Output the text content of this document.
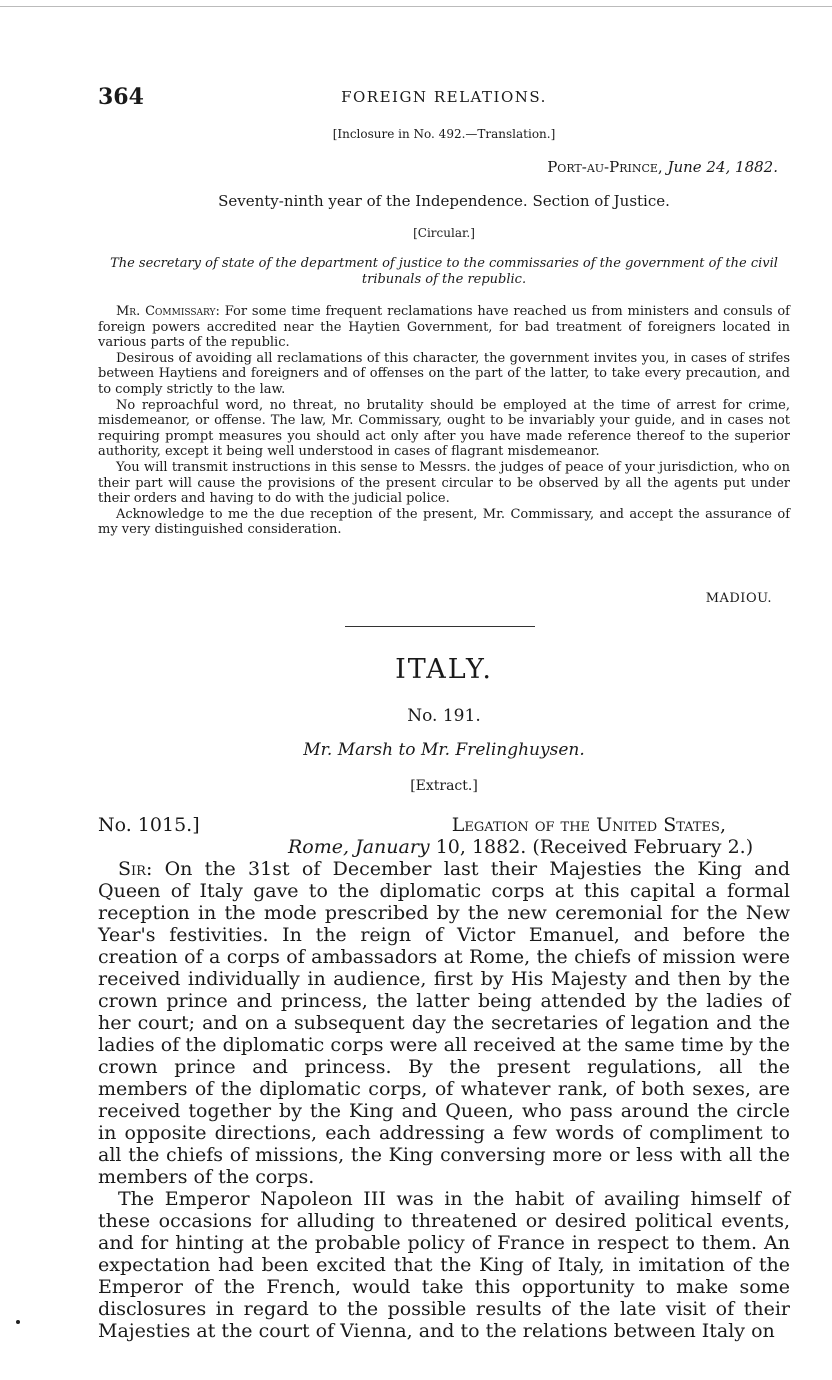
364	FOREIGN RELATIONS.
[Inclosure in No. 492.—Translation.]
Port-au-Prince, June 24, 1882.
Seventy-ninth year of the Independence. Section of Justice.
[Circular.]
The secretary of state of the department of justice to the commissaries of the government of the civil tribunals of the republic.

Mr. Commissary: For some time frequent reclamations have reached us from ministers and consuls of foreign powers accredited near the Haytien Government, for bad treatment of foreigners located in various parts of the republic.

Desirous of avoiding all reclamations of this character, the government invites you, in cases of strifes between Haytiens and foreigners and of offenses on the part of the latter, to take every precaution, and to comply strictly to the law.

No reproachful word, no threat, no brutality should be employed at the time of arrest for crime, misdemeanor, or offense. The law, Mr. Commissary, ought to be invariably your guide, and in cases not requiring prompt measures you should act only after you have made reference thereof to the superior authority, except it being well understood in cases of flagrant misdemeanor.

You will transmit instructions in this sense to Messrs. the judges of peace of your jurisdiction, who on their part will cause the provisions of the present circular to be observed by all the agents put under their orders and having to do with the judicial police.

Acknowledge to me the due reception of the present, Mr. Commissary, and accept the assurance of my very distinguished consideration.

MADIOU.
ITALY.
No. 191.
Mr. Marsh to Mr. Frelinghuysen.
[Extract.]
No. 1015.]	Legation of the United States,
Rome, January 10, 1882. (Received February 2.)

Sir: On the 31st of December last their Majesties the King and Queen of Italy gave to the diplomatic corps at this capital a formal reception in the mode prescribed by the new ceremonial for the New Year's festivities. In the reign of Victor Emanuel, and before the creation of a corps of ambassadors at Rome, the chiefs of mission were received individually in audience, first by His Majesty and then by the crown prince and princess, the latter being attended by the ladies of her court; and on a subsequent day the secretaries of legation and the ladies of the diplomatic corps were all received at the same time by the crown prince and princess. By the present regulations, all the members of the diplomatic corps, of whatever rank, of both sexes, are received together by the King and Queen, who pass around the circle in opposite directions, each addressing a few words of compliment to all the chiefs of missions, the King conversing more or less with all the members of the corps.

The Emperor Napoleon III was in the habit of availing himself of these occasions for alluding to threatened or desired political events, and for hinting at the probable policy of France in respect to them. An expectation had been excited that the King of Italy, in imitation of the Emperor of the French, would take this opportunity to make some disclosures in regard to the possible results of the late visit of their Majesties at the court of Vienna, and to the relations between Italy on
